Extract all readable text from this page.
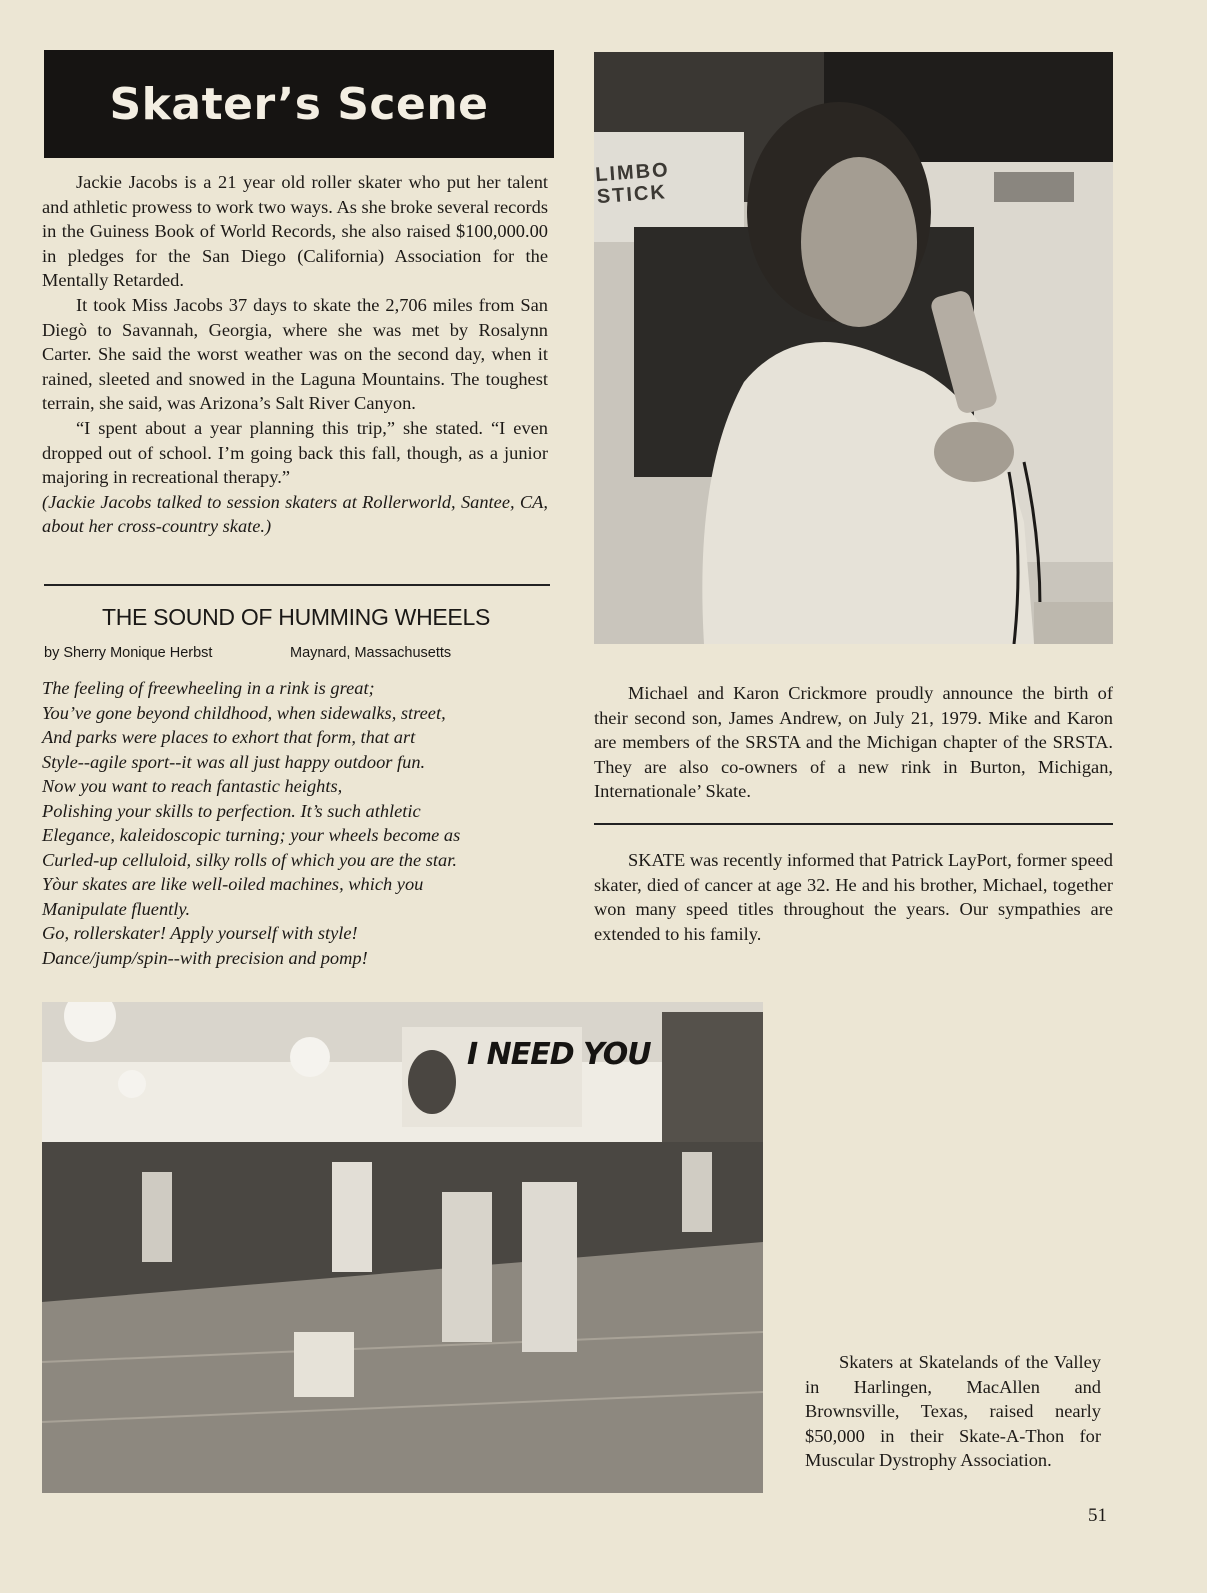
Skater’s Scene

Jackie Jacobs is a 21 year old roller skater who put her talent and athletic prowess to work two ways. As she broke several records in the Guiness Book of World Records, she also raised $100,000.00 in pledges for the San Diego (California) Association for the Mentally Retarded.

It took Miss Jacobs 37 days to skate the 2,706 miles from San Diegò to Savannah, Georgia, where she was met by Rosalynn Carter. She said the worst weather was on the second day, when it rained, sleeted and snowed in the Laguna Mountains. The toughest terrain, she said, was Arizona’s Salt River Canyon.

“I spent about a year planning this trip,” she stated. “I even dropped out of school. I’m going back this fall, though, as a junior majoring in recreational therapy.”

(Jackie Jacobs talked to session skaters at Rollerworld, Santee, CA, about her cross-country skate.)

THE SOUND OF HUMMING WHEELS
by Sherry Monique Herbst	Maynard, Massachusetts
The feeling of freewheeling in a rink is great;
You’ve gone beyond childhood, when sidewalks, street,
And parks were places to exhort that form, that art
Style--agile sport--it was all just happy outdoor fun.
Now you want to reach fantastic heights,
Polishing your skills to perfection. It’s such athletic
Elegance, kaleidoscopic turning; your wheels become as
Curled-up celluloid, silky rolls of which you are the star.
Yòur skates are like well-oiled machines, which you
Manipulate fluently.
Go, rollerskater! Apply yourself with style!
Dance/jump/spin--with precision and pomp!
LIMBO STICK

Michael and Karon Crickmore proudly announce the birth of their second son, James Andrew, on July 21, 1979. Mike and Karon are members of the SRSTA and the Michigan chapter of the SRSTA. They are also co-owners of a new rink in Burton, Michigan, Internationale’ Skate.

SKATE was recently informed that Patrick LayPort, former speed skater, died of cancer at age 32. He and his brother, Michael, together won many speed titles throughout the years. Our sympathies are extended to his family.

I NEED YOU

Skaters at Skatelands of the Valley in Harlingen, MacAllen and Brownsville, Texas, raised nearly $50,000 in their Skate-A-Thon for Muscular Dystrophy Association.

51
